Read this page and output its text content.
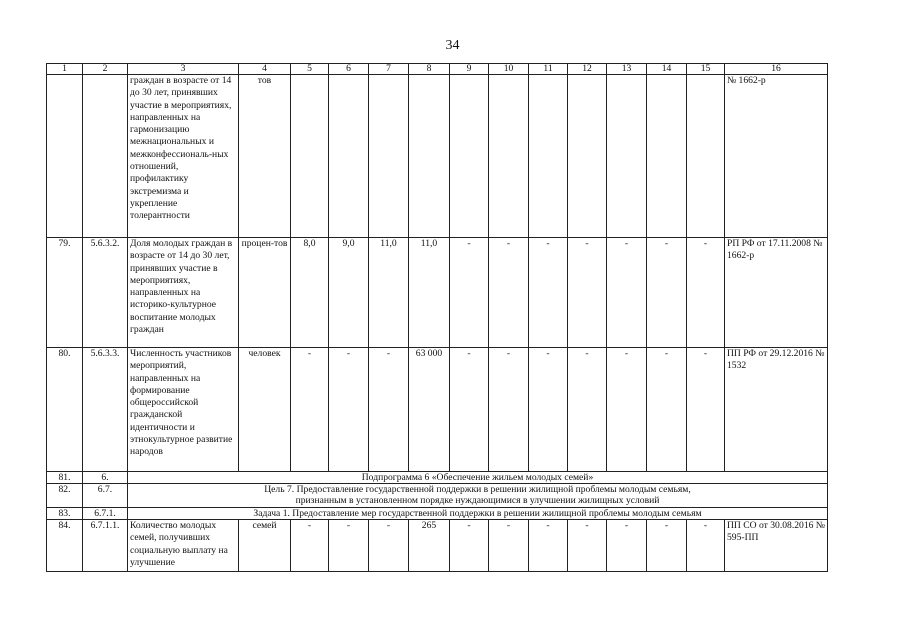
34
1	2	3	4	5	6	7	8	9	10	11	12	13	14	15	16
		граждан в возрасте от 14 до 30 лет, принявших участие в мероприятиях, направленных на гармонизацию межнациональных и межконфессиональ-ных отношений, профилактику экстремизма и укрепление толерантности	тов												№ 1662-р
79.	5.6.3.2.	Доля молодых граждан в возрасте от 14 до 30 лет, принявших участие в мероприятиях, направленных на историко-культурное воспитание молодых граждан	процен-тов	8,0	9,0	11,0	11,0	-	-	-	-	-	-	-	РП РФ от 17.11.2008 № 1662-р
80.	5.6.3.3.	Численность участников мероприятий, направленных на формирование общероссийской гражданской идентичности и этнокультурное развитие народов	человек	-	-	-	63 000	-	-	-	-	-	-	-	ПП РФ от 29.12.2016 № 1532
81.	6.	Подпрограмма 6 «Обеспечение жильем молодых семей»													
82.	6.7.	Цель 7. Предоставление государственной поддержки в решении жилищной проблемы молодым семьям, признанным в установленном порядке нуждающимися в улучшении жилищных условий													
83.	6.7.1.	Задача 1. Предоставление мер государственной поддержки в решении жилищной проблемы молодым семьям													
84.	6.7.1.1.	Количество молодых семей, получивших социальную выплату на улучшение	семей	-	-	-	265	-	-	-	-	-	-	-	ПП СО от 30.08.2016 № 595-ПП
